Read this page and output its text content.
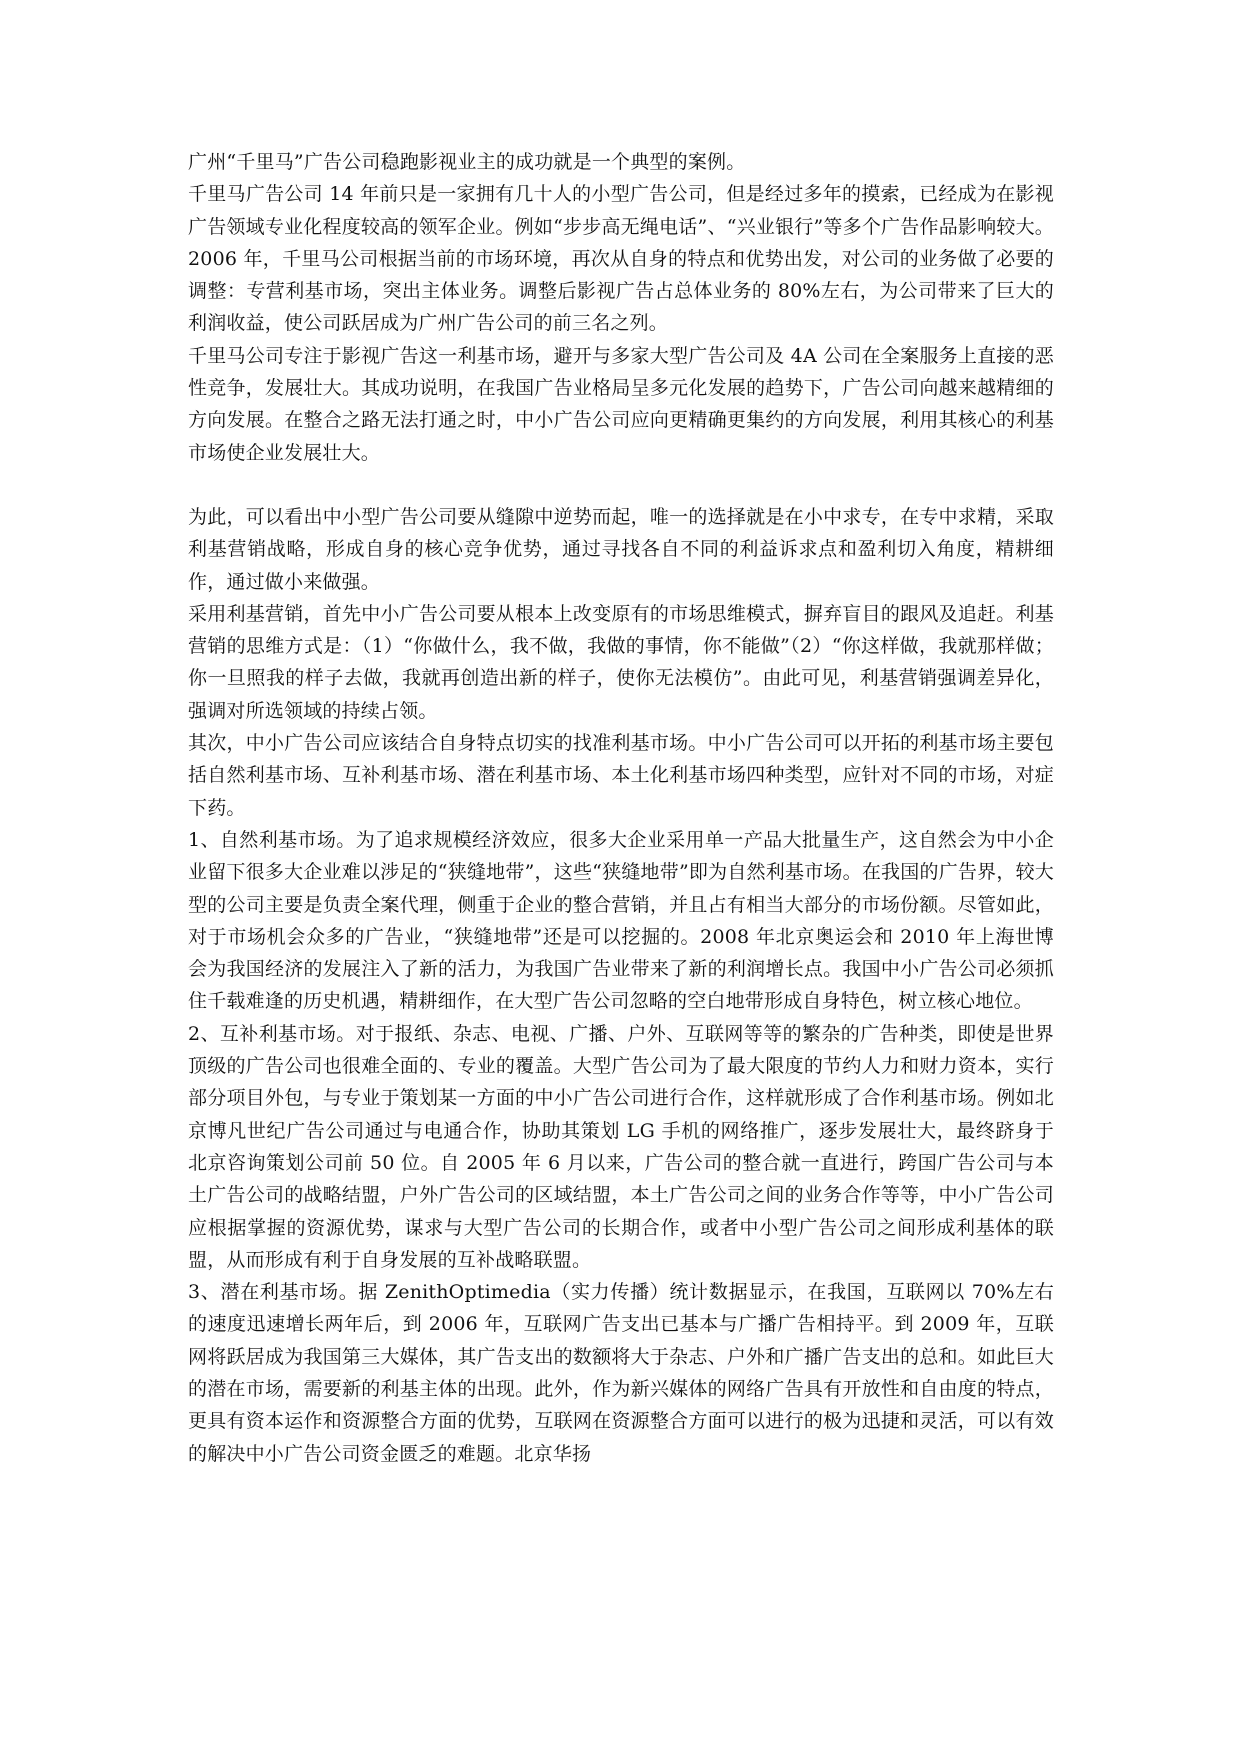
广州“千里马”广告公司稳跑影视业主的成功就是一个典型的案例。

千里马广告公司 14 年前只是一家拥有几十人的小型广告公司，但是经过多年的摸索，已经成为在影视广告领域专业化程度较高的领军企业。例如“步步高无绳电话”、“兴业银行”等多个广告作品影响较大。2006 年，千里马公司根据当前的市场环境，再次从自身的特点和优势出发，对公司的业务做了必要的调整：专营利基市场，突出主体业务。调整后影视广告占总体业务的 80%左右，为公司带来了巨大的利润收益，使公司跃居成为广州广告公司的前三名之列。

千里马公司专注于影视广告这一利基市场，避开与多家大型广告公司及 4A 公司在全案服务上直接的恶性竞争，发展壮大。其成功说明，在我国广告业格局呈多元化发展的趋势下，广告公司向越来越精细的方向发展。在整合之路无法打通之时，中小广告公司应向更精确更集约的方向发展，利用其核心的利基市场使企业发展壮大。

为此，可以看出中小型广告公司要从缝隙中逆势而起，唯一的选择就是在小中求专，在专中求精，采取利基营销战略，形成自身的核心竞争优势，通过寻找各自不同的利益诉求点和盈利切入角度，精耕细作，通过做小来做强。

采用利基营销，首先中小广告公司要从根本上改变原有的市场思维模式，摒弃盲目的跟风及追赶。利基营销的思维方式是：（1）“你做什么，我不做，我做的事情，你不能做”（2）“你这样做，我就那样做；你一旦照我的样子去做，我就再创造出新的样子，使你无法模仿”。由此可见，利基营销强调差异化，强调对所选领域的持续占领。

其次，中小广告公司应该结合自身特点切实的找准利基市场。中小广告公司可以开拓的利基市场主要包括自然利基市场、互补利基市场、潜在利基市场、本土化利基市场四种类型，应针对不同的市场，对症下药。

1、自然利基市场。为了追求规模经济效应，很多大企业采用单一产品大批量生产，这自然会为中小企业留下很多大企业难以涉足的“狭缝地带”，这些“狭缝地带”即为自然利基市场。在我国的广告界，较大型的公司主要是负责全案代理，侧重于企业的整合营销，并且占有相当大部分的市场份额。尽管如此，对于市场机会众多的广告业，“狭缝地带”还是可以挖掘的。2008 年北京奥运会和 2010 年上海世博会为我国经济的发展注入了新的活力，为我国广告业带来了新的利润增长点。我国中小广告公司必须抓住千载难逢的历史机遇，精耕细作，在大型广告公司忽略的空白地带形成自身特色，树立核心地位。

2、互补利基市场。对于报纸、杂志、电视、广播、户外、互联网等等的繁杂的广告种类，即使是世界顶级的广告公司也很难全面的、专业的覆盖。大型广告公司为了最大限度的节约人力和财力资本，实行部分项目外包，与专业于策划某一方面的中小广告公司进行合作，这样就形成了合作利基市场。例如北京博凡世纪广告公司通过与电通合作，协助其策划 LG 手机的网络推广，逐步发展壮大，最终跻身于北京咨询策划公司前 50 位。自 2005 年 6 月以来，广告公司的整合就一直进行，跨国广告公司与本土广告公司的战略结盟，户外广告公司的区域结盟，本土广告公司之间的业务合作等等，中小广告公司应根据掌握的资源优势，谋求与大型广告公司的长期合作，或者中小型广告公司之间形成利基体的联盟，从而形成有利于自身发展的互补战略联盟。

3、潜在利基市场。据 ZenithOptimedia（实力传播）统计数据显示，在我国，互联网以 70%左右的速度迅速增长两年后，到 2006 年，互联网广告支出已基本与广播广告相持平。到 2009 年，互联网将跃居成为我国第三大媒体，其广告支出的数额将大于杂志、户外和广播广告支出的总和。如此巨大的潜在市场，需要新的利基主体的出现。此外，作为新兴媒体的网络广告具有开放性和自由度的特点，更具有资本运作和资源整合方面的优势，互联网在资源整合方面可以进行的极为迅捷和灵活，可以有效的解决中小广告公司资金匮乏的难题。北京华扬
